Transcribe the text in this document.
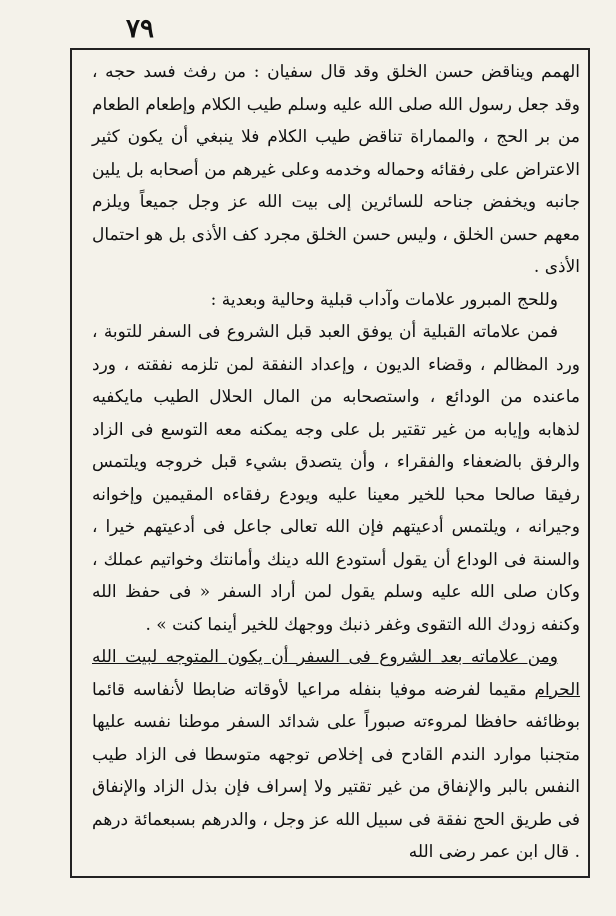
٧٩

الهمم ويناقض حسن الخلق وقد قال سفيان : من رفث فسد حجه ، وقد جعل رسول الله صلى الله عليه وسلم طيب الكلام وإطعام الطعام من بر الحج ، والمماراة تناقض طيب الكلام فلا ينبغي أن يكون كثير الاعتراض على رفقائه وحماله وخدمه وعلى غيرهم من أصحابه بل يلين جانبه ويخفض جناحه للسائرين إلى بيت الله عز وجل جميعاً ويلزم معهم حسن الخلق ، وليس حسن الخلق مجرد كف الأذى بل هو احتمال الأذى .

وللحج المبرور علامات وآداب قبلية وحالية وبعدية :

فمن علاماته القبلية أن يوفق العبد قبل الشروع فى السفر للتوبة ، ورد المظالم ، وقضاء الديون ، وإعداد النفقة لمن تلزمه نفقته ، ورد ماعنده من الودائع ، واستصحابه من المال الحلال الطيب مايكفيه لذهابه وإيابه من غير تقتير بل على وجه يمكنه معه التوسع فى الزاد والرفق بالضعفاء والفقراء ، وأن يتصدق بشيء قبل خروجه ويلتمس رفيقا صالحا محبا للخير معينا عليه ويودع رفقاءه المقيمين وإخوانه وجيرانه ، ويلتمس أدعيتهم فإن الله تعالى جاعل فى أدعيتهم خيرا ، والسنة فى الوداع أن يقول أستودع الله دينك وأمانتك وخواتيم عملك ، وكان صلى الله عليه وسلم يقول لمن أراد السفر « فى حفظ الله وكنفه زودك الله التقوى وغفر ذنبك ووجهك للخير أينما كنت » .

ومن علاماته بعد الشروع فى السفر أن يكون المتوجه لبيت الله الحرام مقيما لفرضه موفيا بنفله مراعيا لأوقاته ضابطا لأنفاسه قائما بوظائفه حافظا لمروءته صبوراً على شدائد السفر موطنا نفسه عليها متجنبا موارد الندم القادح فى إخلاص توجهه متوسطا فى الزاد طيب النفس بالبر والإنفاق من غير تقتير ولا إسراف فإن بذل الزاد والإنفاق فى طريق الحج نفقة فى سبيل الله عز وجل ، والدرهم بسبعمائة درهم . قال ابن عمر رضى الله
